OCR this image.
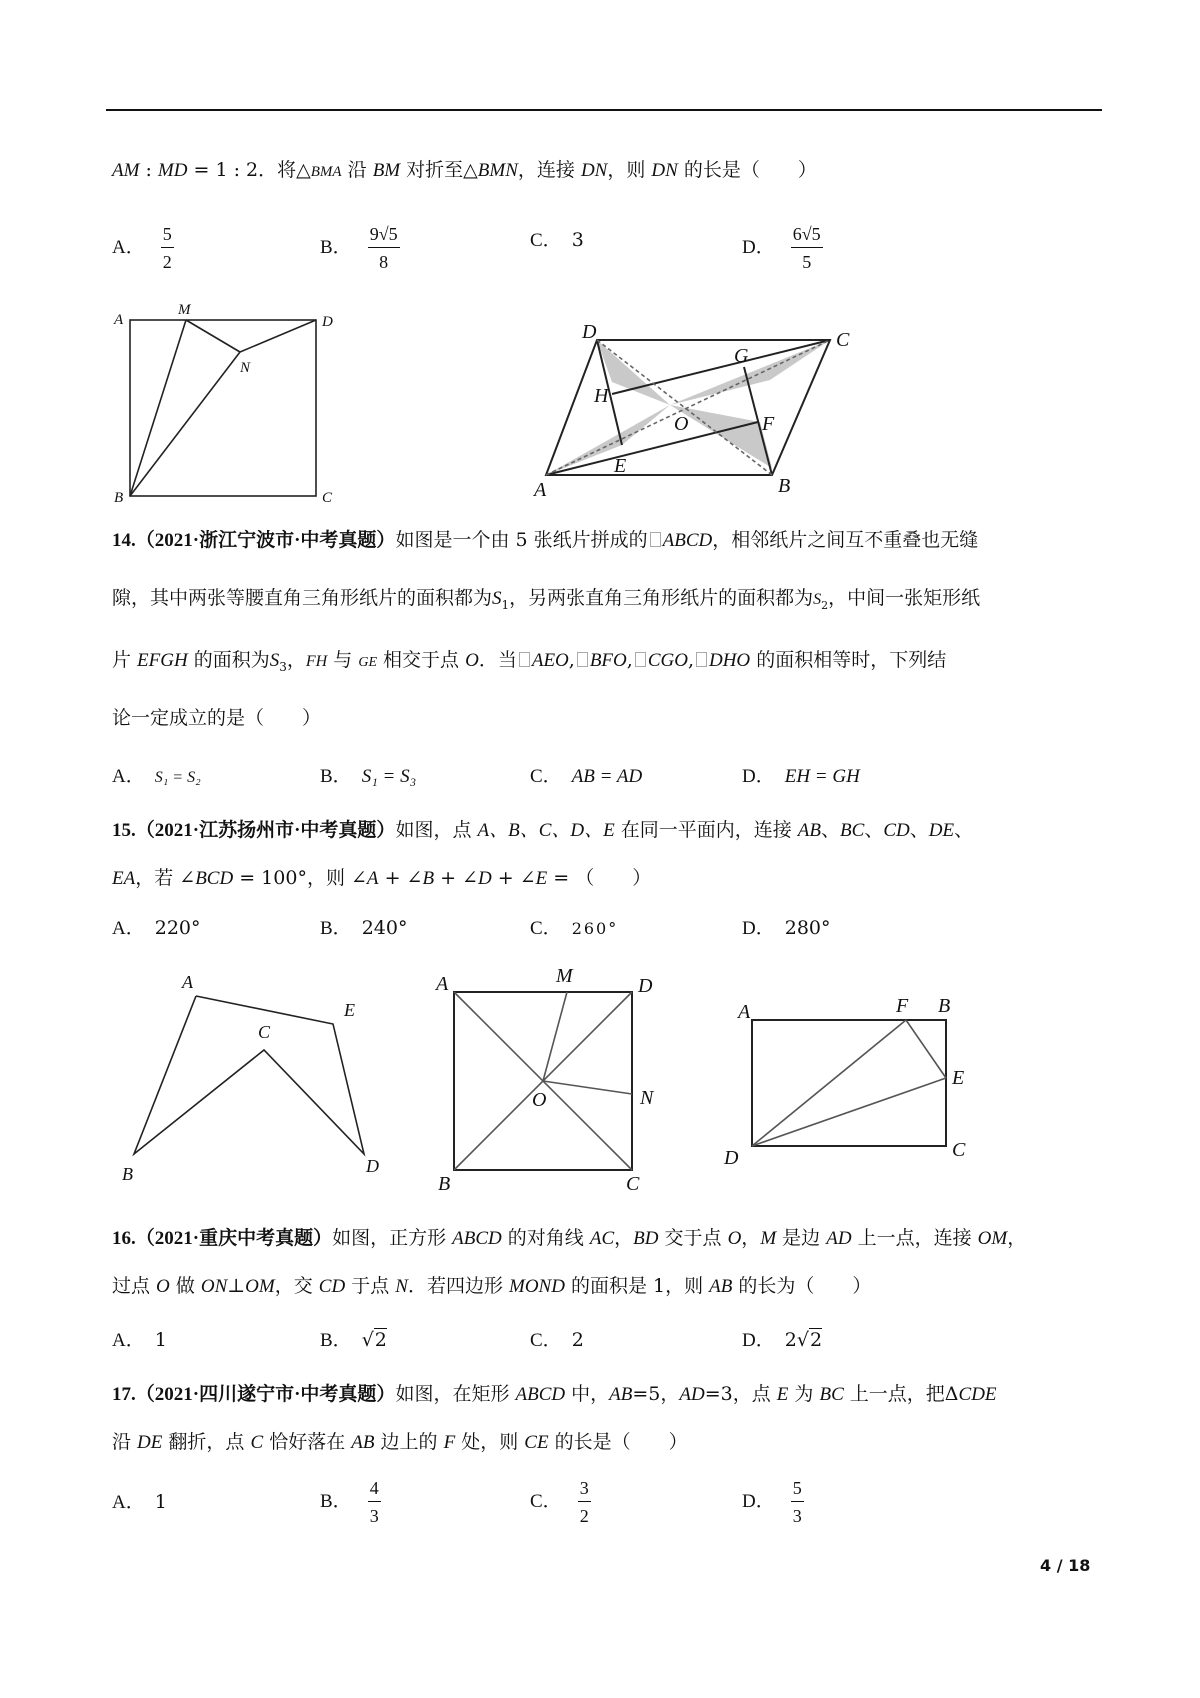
AM : MD = 1 : 2．将△BMA 沿 BM 对折至△BMN，连接 DN，则 DN 的长是（　　）
A． $\frac{5}{2}$	B． $\frac{9√5}{8}$	C． 3	D． $\frac{6√5}{5}$
A
M
D
N
B	C	A	B
C
D
E
F
G
H
O
14.（2021·浙江宁波市·中考真题）如图是一个由 5 张纸片拼成的 ABCD，相邻纸片之间互不重叠也无缝
隙，其中两张等腰直角三角形纸片的面积都为$S_1$，另两张直角三角形纸片的面积都为$S_2$，中间一张矩形纸
片 EFGH 的面积为$S_3$，FH 与 GE 相交于点 O．当 AEO, BFO, CGO, DHO 的面积相等时，下列结
论一定成立的是（　　）
A． S₁ = S₂	B． S₁ = S₃	C． AB = AD	D． EH = GH
15.（2021·江苏扬州市·中考真题）如图，点 A、B、C、D、E 在同一平面内，连接 AB、BC、CD、DE、
EA，若 ∠BCD = 100°，则 ∠A + ∠B + ∠D + ∠E = （　　）
A． 220°	B． 240°	C． 260°	D． 280°
A
E
C
B	D
A	M	D
O	N
B	C
A	F B
E
D	C
16.（2021·重庆中考真题）如图，正方形 ABCD 的对角线 AC，BD 交于点 O，M 是边 AD 上一点，连接 OM，
过点 O 做 ON⊥OM，交 CD 于点 N．若四边形 MOND 的面积是 1，则 AB 的长为（　　）
A． 1	B． √2	C． 2	D． 2√2
17.（2021·四川遂宁市·中考真题）如图，在矩形 ABCD 中，AB=5，AD=3，点 E 为 BC 上一点，把ΔCDE
沿 DE 翻折，点 C 恰好落在 AB 边上的 F 处，则 CE 的长是（　　）
A． 1	B． $\frac{4}{3}$	C． $\frac{3}{2}$	D． $\frac{5}{3}$
4 / 18
